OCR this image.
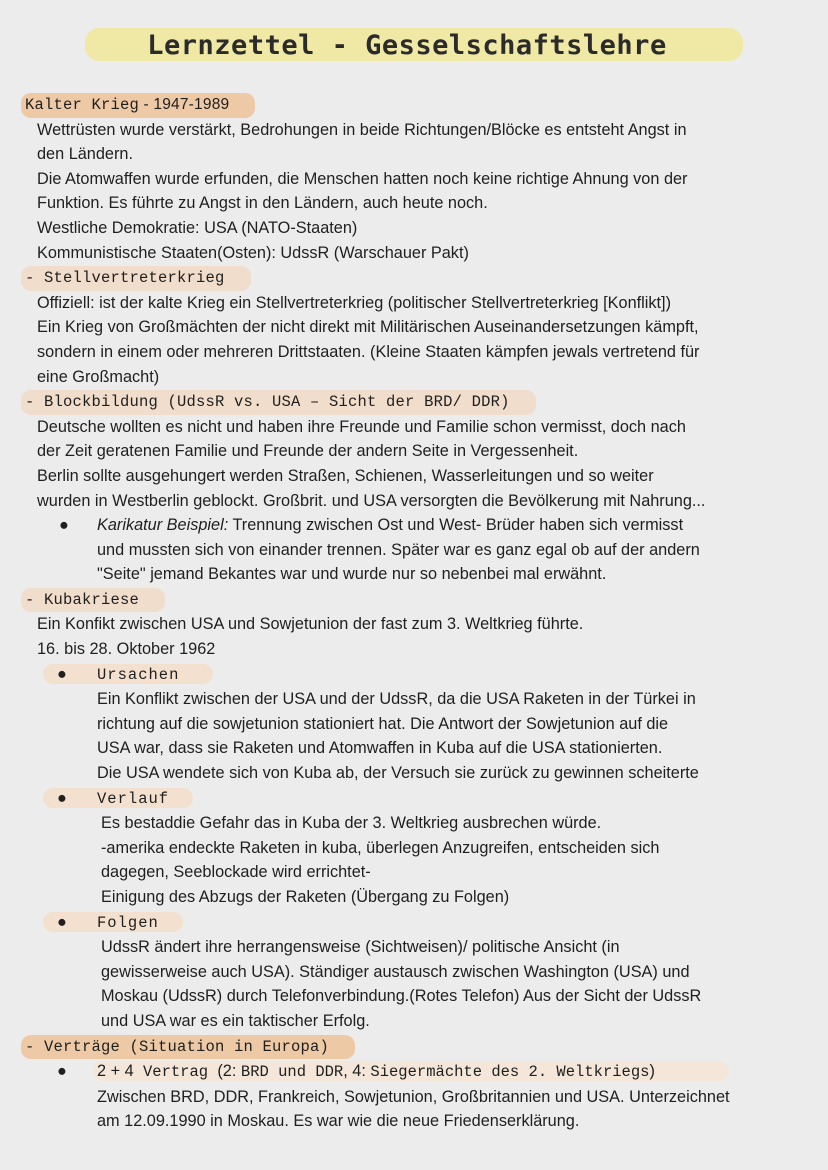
Lernzettel - Gesselschaftslehre
Kalter Krieg - 1947-1989
Wettrüsten wurde verstärkt, Bedrohungen in beide Richtungen/Blöcke es entsteht Angst in
den Ländern.
Die Atomwaffen wurde erfunden, die Menschen hatten noch keine richtige Ahnung von der
Funktion. Es führte zu Angst in den Ländern, auch heute noch.
Westliche Demokratie: USA (NATO-Staaten)
Kommunistische Staaten(Osten): UdssR (Warschauer Pakt)
- Stellvertreterkrieg
Offiziell: ist der kalte Krieg ein Stellvertreterkrieg (politischer Stellvertreterkrieg [Konflikt])
Ein Krieg von Großmächten der nicht direkt mit Militärischen Auseinandersetzungen kämpft,
sondern in einem oder mehreren Drittstaaten. (Kleine Staaten kämpfen jewals vertretend für
eine Großmacht)
- Blockbildung (UdssR vs. USA – Sicht der BRD/ DDR)
Deutsche wollten es nicht und haben ihre Freunde und Familie schon vermisst, doch nach
der Zeit geratenen Familie und Freunde der andern Seite in Vergessenheit.
Berlin sollte ausgehungert werden Straßen, Schienen, Wasserleitungen und so weiter
wurden in Westberlin geblockt. Großbrit. und USA versorgten die Bevölkerung mit Nahrung...
● Karikatur Beispiel: Trennung zwischen Ost und West- Brüder haben sich vermisst
und mussten sich von einander trennen. Später war es ganz egal ob auf der andern
"Seite" jemand Bekantes war und wurde nur so nebenbei mal erwähnt.
- Kubakriese
Ein Konfikt zwischen USA und Sowjetunion der fast zum 3. Weltkrieg führte.
16. bis 28. Oktober 1962
● Ursachen
Ein Konflikt zwischen der USA und der UdssR, da die USA Raketen in der Türkei in
richtung auf die sowjetunion stationiert hat. Die Antwort der Sowjetunion auf die
USA war, dass sie Raketen und Atomwaffen in Kuba auf die USA stationierten.
Die USA wendete sich von Kuba ab, der Versuch sie zurück zu gewinnen scheiterte
● Verlauf
Es bestaddie Gefahr das in Kuba der 3. Weltkrieg ausbrechen würde.
-amerika endeckte Raketen in kuba, überlegen Anzugreifen, entscheiden sich
dagegen, Seeblockade wird errichtet-
Einigung des Abzugs der Raketen (Übergang zu Folgen)
● Folgen
UdssR ändert ihre herrangensweise (Sichtweisen)/ politische Ansicht (in
gewisserweise auch USA). Ständiger austausch zwischen Washington (USA) und
Moskau (UdssR) durch Telefonverbindung.(Rotes Telefon) Aus der Sicht der UdssR
und USA war es ein taktischer Erfolg.
- Verträge (Situation in Europa)
● 2 + 4 Vertrag (2: BRD und DDR, 4: Siegermächte des 2. Weltkriegs)
Zwischen BRD, DDR, Frankreich, Sowjetunion, Großbritannien und USA. Unterzeichnet
am 12.09.1990 in Moskau. Es war wie die neue Friedenserklärung.
